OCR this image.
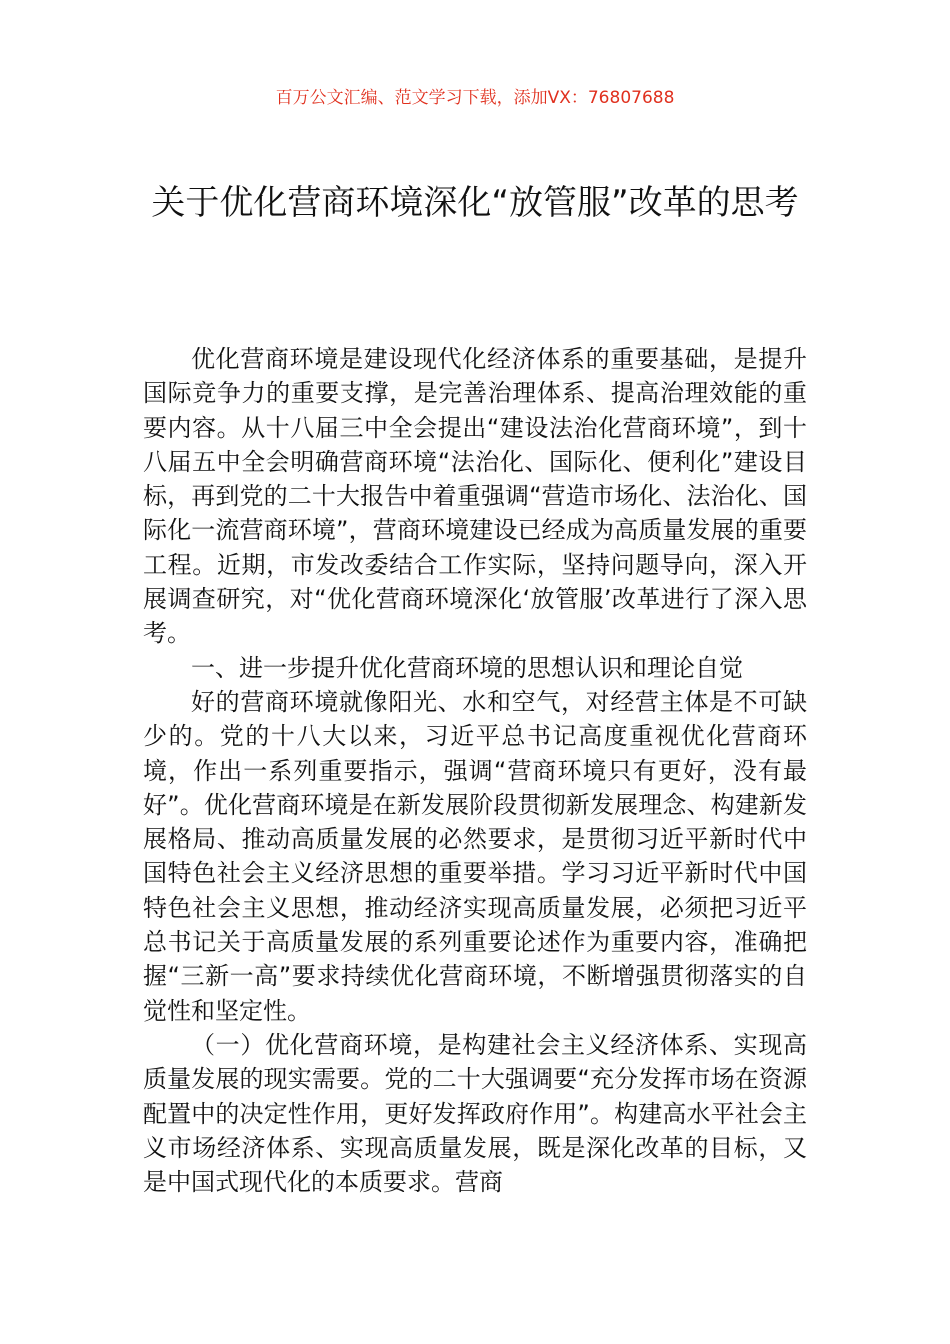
百万公文汇编、范文学习下载，添加VX：76807688
关于优化营商环境深化“放管服”改革的思考

优化营商环境是建设现代化经济体系的重要基础，是提升国际竞争力的重要支撑，是完善治理体系、提高治理效能的重要内容。从十八届三中全会提出“建设法治化营商环境”，到十八届五中全会明确营商环境“法治化、国际化、便利化”建设目标，再到党的二十大报告中着重强调“营造市场化、法治化、国际化一流营商环境”，营商环境建设已经成为高质量发展的重要工程。近期，市发改委结合工作实际，坚持问题导向，深入开展调查研究，对“优化营商环境深化‘放管服’改革进行了深入思考。

一、进一步提升优化营商环境的思想认识和理论自觉

好的营商环境就像阳光、水和空气，对经营主体是不可缺少的。党的十八大以来，习近平总书记高度重视优化营商环境，作出一系列重要指示，强调“营商环境只有更好，没有最好”。优化营商环境是在新发展阶段贯彻新发展理念、构建新发展格局、推动高质量发展的必然要求，是贯彻习近平新时代中国特色社会主义经济思想的重要举措。学习习近平新时代中国特色社会主义思想，推动经济实现高质量发展，必须把习近平总书记关于高质量发展的系列重要论述作为重要内容，准确把握“三新一高”要求持续优化营商环境，不断增强贯彻落实的自觉性和坚定性。

（一）优化营商环境，是构建社会主义经济体系、实现高质量发展的现实需要。党的二十大强调要“充分发挥市场在资源配置中的决定性作用，更好发挥政府作用”。构建高水平社会主义市场经济体系、实现高质量发展，既是深化改革的目标，又是中国式现代化的本质要求。营商
